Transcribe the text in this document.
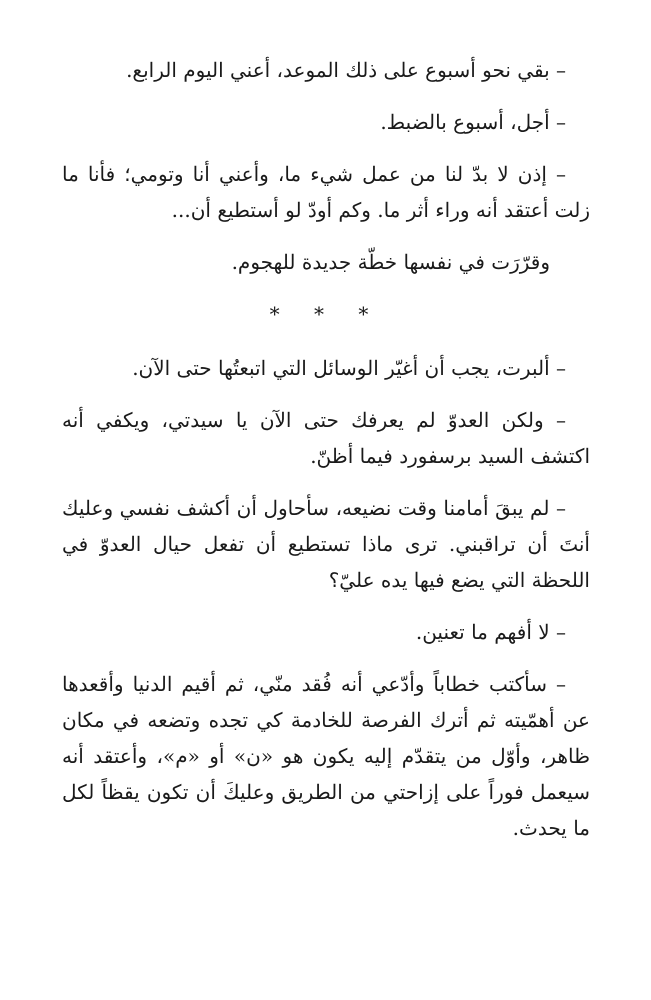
– بقي نحو أسبوع على ذلك الموعد، أعني اليوم الرابع.

– أجل، أسبوع بالضبط.

– إذن لا بدّ لنا من عمل شيء ما، وأعني أنا وتومي؛ فأنا ما زلت أعتقد أنه وراء أثر ما. وكم أودّ لو أستطيع أن...

وقرّرَت في نفسها خطّة جديدة للهجوم.

* * *

– ألبرت، يجب أن أغيّر الوسائل التي اتبعتُها حتى الآن.

– ولكن العدوّ لم يعرفك حتى الآن يا سيدتي، ويكفي أنه اكتشف السيد برسفورد فيما أظنّ.

– لم يبقَ أمامنا وقت نضيعه، سأحاول أن أكشف نفسي وعليك أنتَ أن تراقبني. ترى ماذا تستطيع أن تفعل حيال العدوّ في اللحظة التي يضع فيها يده عليّ؟

– لا أفهم ما تعنين.

– سأكتب خطاباً وأدّعي أنه فُقد منّي، ثم أقيم الدنيا وأقعدها عن أهمّيته ثم أترك الفرصة للخادمة كي تجده وتضعه في مكان ظاهر، وأوّل من يتقدّم إليه يكون هو «ن» أو «م»، وأعتقد أنه سيعمل فوراً على إزاحتي من الطريق وعليكَ أن تكون يقظاً لكل ما يحدث.
